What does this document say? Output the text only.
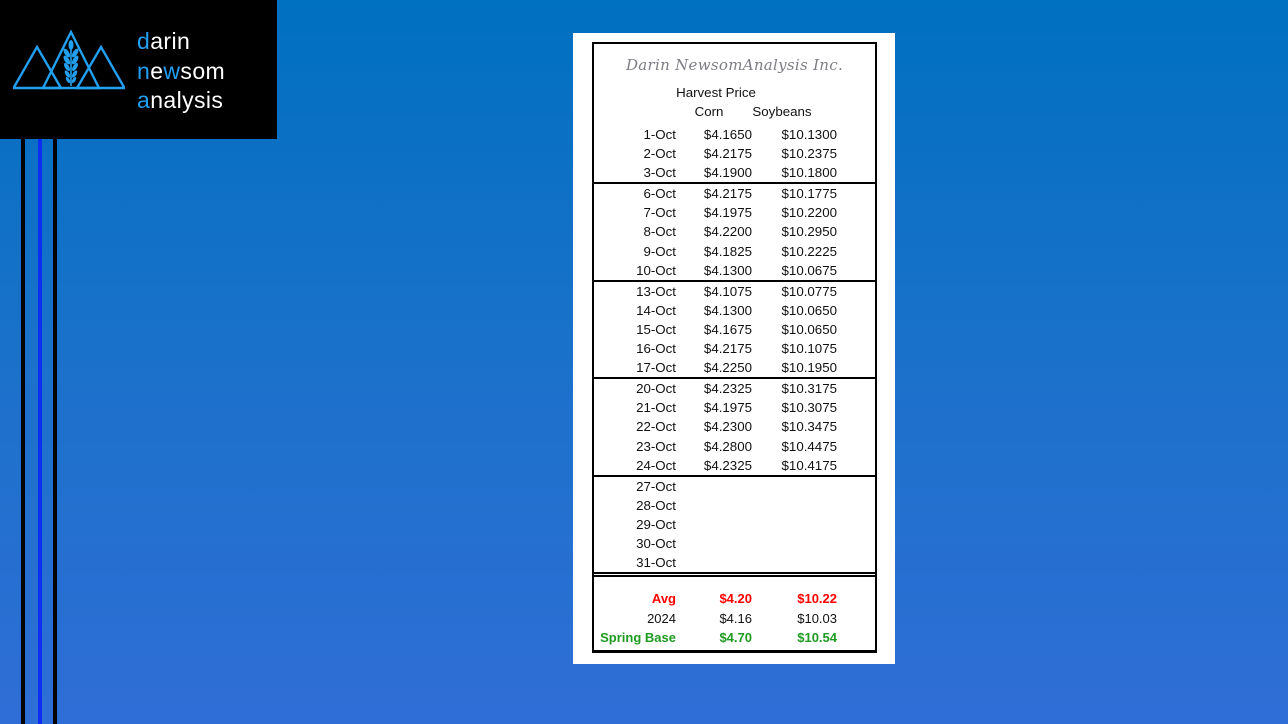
darin
newsom
analysis
Darin NewsomAnalysis Inc.
Harvest Price
Corn Soybeans
1-Oct	$4.1650	$10.1300	
2-Oct	$4.2175	$10.2375	
3-Oct	$4.1900	$10.1800	
6-Oct	$4.2175	$10.1775	
7-Oct	$4.1975	$10.2200	
8-Oct	$4.2200	$10.2950	
9-Oct	$4.1825	$10.2225	
10-Oct	$4.1300	$10.0675	
13-Oct	$4.1075	$10.0775	
14-Oct	$4.1300	$10.0650	
15-Oct	$4.1675	$10.0650	
16-Oct	$4.2175	$10.1075	
17-Oct	$4.2250	$10.1950	
20-Oct	$4.2325	$10.3175	
21-Oct	$4.1975	$10.3075	
22-Oct	$4.2300	$10.3475	
23-Oct	$4.2800	$10.4475	
24-Oct	$4.2325	$10.4175	
27-Oct			
28-Oct			
29-Oct			
30-Oct			
31-Oct			

Avg	$4.20	$10.22	
2024	$4.16	$10.03	
Spring Base	$4.70	$10.54	
